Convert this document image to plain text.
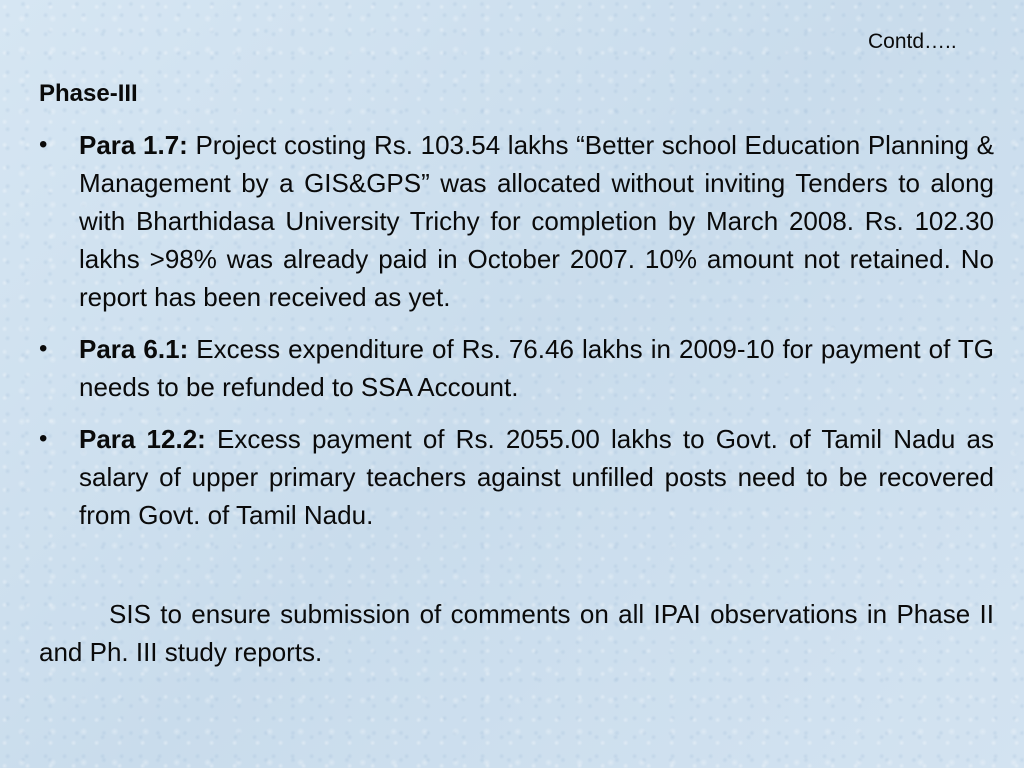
Contd…..
Phase-III
• Para 1.7: Project costing Rs. 103.54 lakhs “Better school Education Planning & Management by a GIS&GPS” was allocated without inviting Tenders to along with Bharthidasa University Trichy for completion by March 2008. Rs. 102.30 lakhs >98% was already paid in October 2007. 10% amount not retained. No report has been received as yet.
• Para 6.1: Excess expenditure of Rs. 76.46 lakhs in 2009-10 for payment of TG needs to be refunded to SSA Account.
• Para 12.2: Excess payment of Rs. 2055.00 lakhs to Govt. of Tamil Nadu as salary of upper primary teachers against unfilled posts need to be recovered from Govt. of Tamil Nadu.

SIS to ensure submission of comments on all IPAI observations in Phase II and Ph. III study reports.
